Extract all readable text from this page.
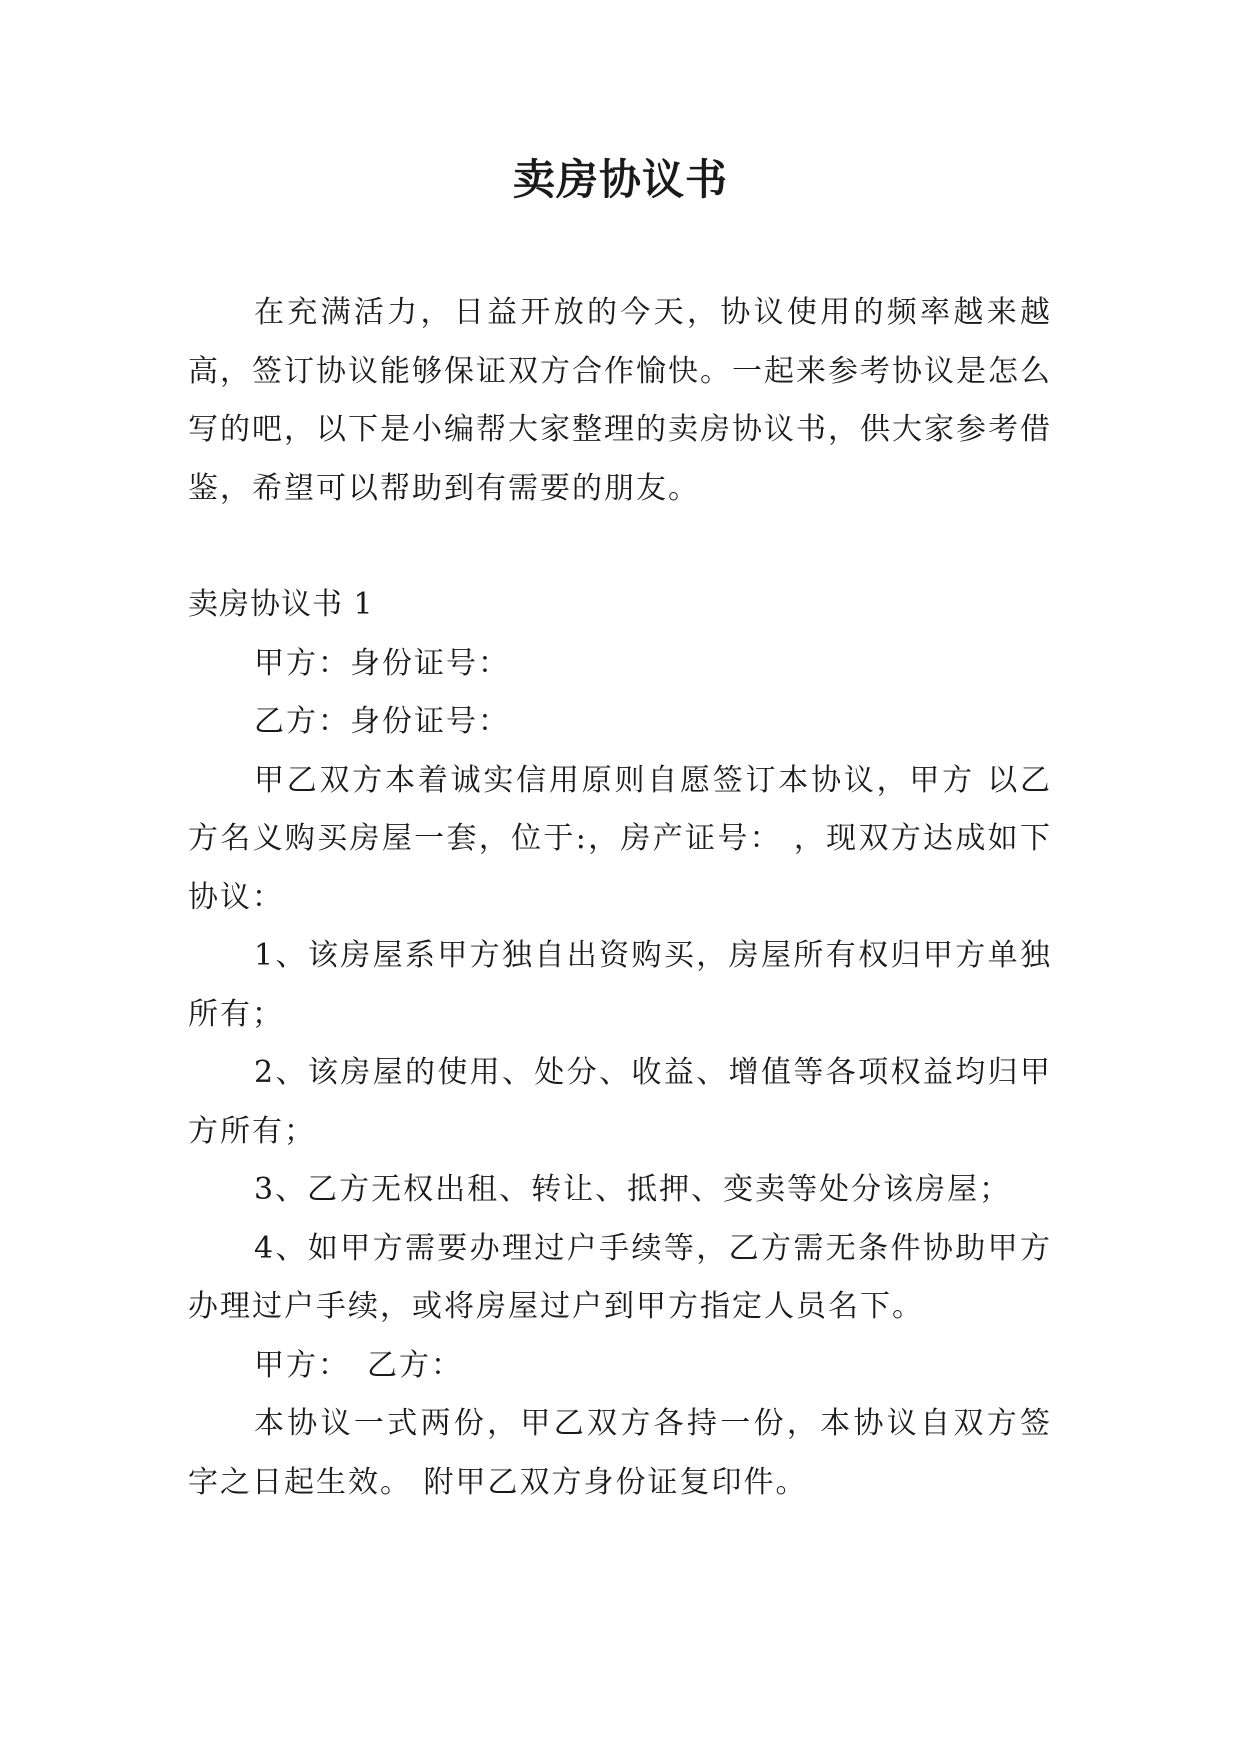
卖房协议书

在充满活力，日益开放的今天，协议使用的频率越来越高，签订协议能够保证双方合作愉快。一起来参考协议是怎么写的吧，以下是小编帮大家整理的卖房协议书，供大家参考借鉴，希望可以帮助到有需要的朋友。

卖房协议书 1

甲方：身份证号：

乙方：身份证号：

甲乙双方本着诚实信用原则自愿签订本协议，甲方 以乙方名义购买房屋一套，位于:，房产证号： ，现双方达成如下协议：

1、该房屋系甲方独自出资购买，房屋所有权归甲方单独所有；

2、该房屋的使用、处分、收益、增值等各项权益均归甲方所有；

3、乙方无权出租、转让、抵押、变卖等处分该房屋；

4、如甲方需要办理过户手续等，乙方需无条件协助甲方办理过户手续，或将房屋过户到甲方指定人员名下。

甲方：　乙方：

本协议一式两份，甲乙双方各持一份，本协议自双方签字之日起生效。 附甲乙双方身份证复印件。
